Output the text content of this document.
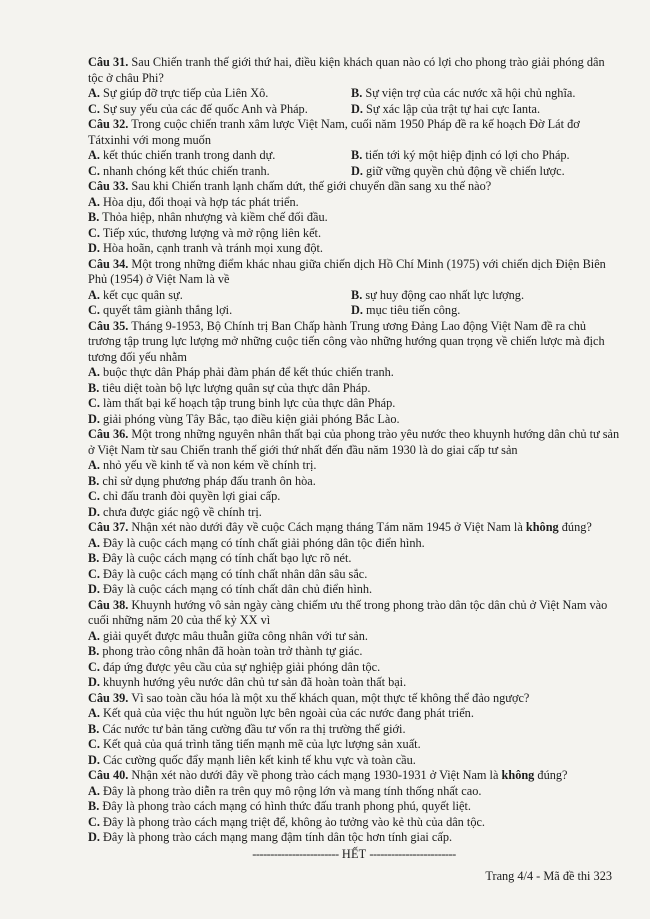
Câu 31. Sau Chiến tranh thế giới thứ hai, điều kiện khách quan nào có lợi cho phong trào giải phóng dân tộc ở châu Phi?
A. Sự giúp đỡ trực tiếp của Liên Xô.	B. Sự viện trợ của các nước xã hội chủ nghĩa.
C. Sự suy yếu của các đế quốc Anh và Pháp.	D. Sự xác lập của trật tự hai cực Ianta.
Câu 32. Trong cuộc chiến tranh xâm lược Việt Nam, cuối năm 1950 Pháp đề ra kế hoạch Đờ Lát đơ Tátxinhi với mong muốn
A. kết thúc chiến tranh trong danh dự.	B. tiến tới ký một hiệp định có lợi cho Pháp.
C. nhanh chóng kết thúc chiến tranh.	D. giữ vững quyền chủ động về chiến lược.
Câu 33. Sau khi Chiến tranh lạnh chấm dứt, thế giới chuyển dần sang xu thế nào?
A. Hòa dịu, đối thoại và hợp tác phát triển.
B. Thỏa hiệp, nhân nhượng và kiềm chế đối đầu.
C. Tiếp xúc, thương lượng và mở rộng liên kết.
D. Hòa hoãn, cạnh tranh và tránh mọi xung đột.
Câu 34. Một trong những điểm khác nhau giữa chiến dịch Hồ Chí Minh (1975) với chiến dịch Điện Biên Phủ (1954) ở Việt Nam là về
A. kết cục quân sự.	B. sự huy động cao nhất lực lượng.
C. quyết tâm giành thắng lợi.	D. mục tiêu tiến công.
Câu 35. Tháng 9-1953, Bộ Chính trị Ban Chấp hành Trung ương Đảng Lao động Việt Nam đề ra chủ trương tập trung lực lượng mở những cuộc tiến công vào những hướng quan trọng về chiến lược mà địch tương đối yếu nhằm
A. buộc thực dân Pháp phải đàm phán để kết thúc chiến tranh.
B. tiêu diệt toàn bộ lực lượng quân sự của thực dân Pháp.
C. làm thất bại kế hoạch tập trung binh lực của thực dân Pháp.
D. giải phóng vùng Tây Bắc, tạo điều kiện giải phóng Bắc Lào.
Câu 36. Một trong những nguyên nhân thất bại của phong trào yêu nước theo khuynh hướng dân chủ tư sản ở Việt Nam từ sau Chiến tranh thế giới thứ nhất đến đầu năm 1930 là do giai cấp tư sản
A. nhỏ yếu về kinh tế và non kém về chính trị.
B. chỉ sử dụng phương pháp đấu tranh ôn hòa.
C. chỉ đấu tranh đòi quyền lợi giai cấp.
D. chưa được giác ngộ về chính trị.
Câu 37. Nhận xét nào dưới đây về cuộc Cách mạng tháng Tám năm 1945 ở Việt Nam là không đúng?
A. Đây là cuộc cách mạng có tính chất giải phóng dân tộc điển hình.
B. Đây là cuộc cách mạng có tính chất bạo lực rõ nét.
C. Đây là cuộc cách mạng có tính chất nhân dân sâu sắc.
D. Đây là cuộc cách mạng có tính chất dân chủ điển hình.
Câu 38. Khuynh hướng vô sản ngày càng chiếm ưu thế trong phong trào dân tộc dân chủ ở Việt Nam vào cuối những năm 20 của thế kỷ XX vì
A. giải quyết được mâu thuẫn giữa công nhân với tư sản.
B. phong trào công nhân đã hoàn toàn trở thành tự giác.
C. đáp ứng được yêu cầu của sự nghiệp giải phóng dân tộc.
D. khuynh hướng yêu nước dân chủ tư sản đã hoàn toàn thất bại.
Câu 39. Vì sao toàn cầu hóa là một xu thế khách quan, một thực tế không thể đảo ngược?
A. Kết quả của việc thu hút nguồn lực bên ngoài của các nước đang phát triển.
B. Các nước tư bản tăng cường đầu tư vốn ra thị trường thế giới.
C. Kết quả của quá trình tăng tiến mạnh mẽ của lực lượng sản xuất.
D. Các cường quốc đẩy mạnh liên kết kinh tế khu vực và toàn cầu.
Câu 40. Nhận xét nào dưới đây về phong trào cách mạng 1930-1931 ở Việt Nam là không đúng?
A. Đây là phong trào diễn ra trên quy mô rộng lớn và mang tính thống nhất cao.
B. Đây là phong trào cách mạng có hình thức đấu tranh phong phú, quyết liệt.
C. Đây là phong trào cách mạng triệt để, không ảo tưởng vào kẻ thù của dân tộc.
D. Đây là phong trào cách mạng mang đậm tính dân tộc hơn tính giai cấp.
------------------------ HẾT ------------------------
Trang 4/4 - Mã đề thi 323
